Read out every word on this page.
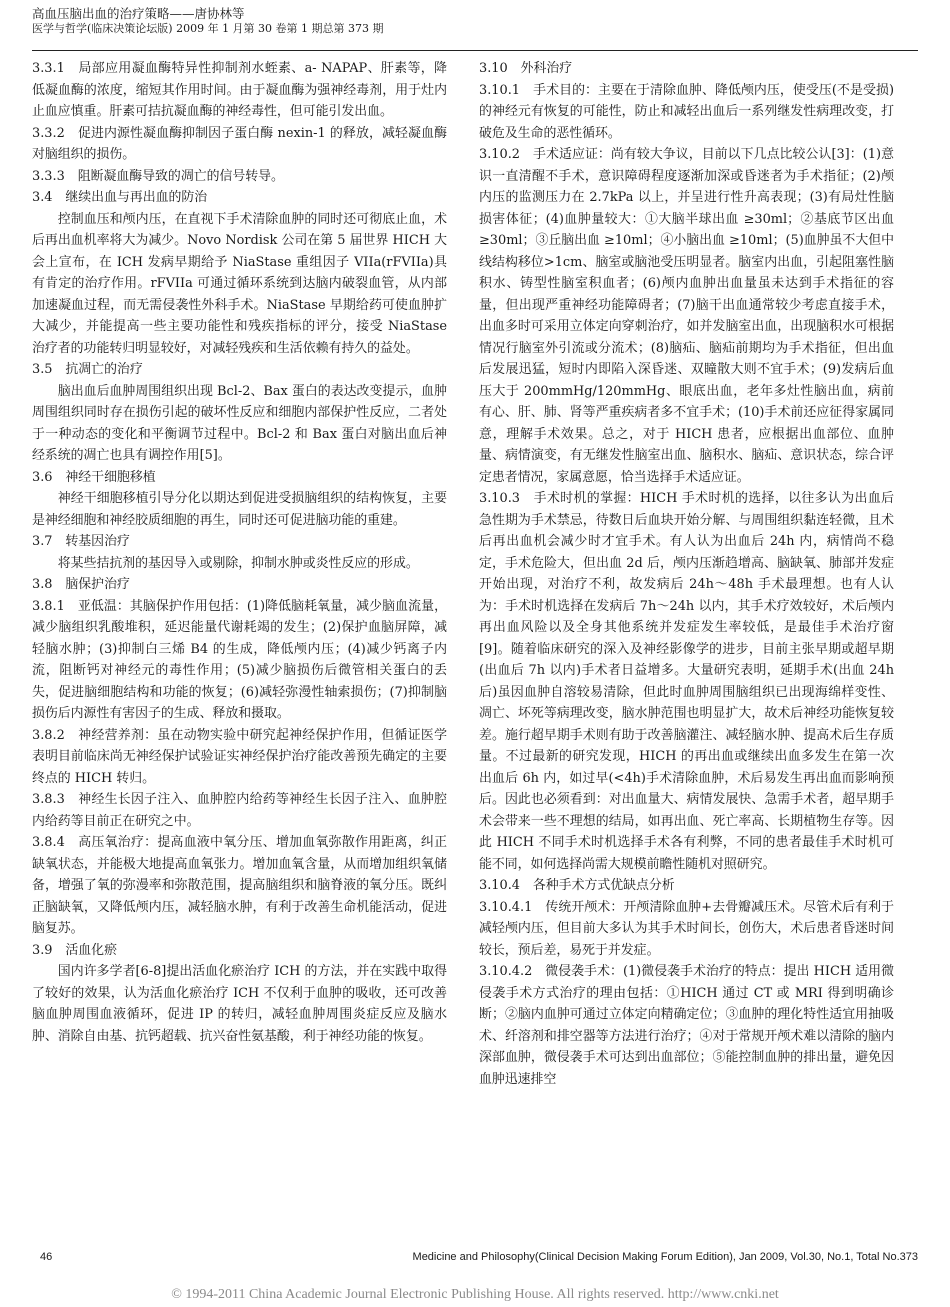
高血压脑出血的治疗策略——唐协林等
医学与哲学(临床决策论坛版) 2009 年 1 月第 30 卷第 1 期总第 373 期

3.3.1　局部应用凝血酶特异性抑制剂水蛭素、a- NAPAP、肝素等，降低凝血酶的浓度，缩短其作用时间。由于凝血酶为强神经毒剂，用于灶内止血应慎重。肝素可拮抗凝血酶的神经毒性，但可能引发出血。

3.3.2　促进内源性凝血酶抑制因子蛋白酶 nexin-1 的释放，减轻凝血酶对脑组织的损伤。

3.3.3　阻断凝血酶导致的凋亡的信号转导。

3.4　继续出血与再出血的防治

控制血压和颅内压，在直视下手术清除血肿的同时还可彻底止血，术后再出血机率将大为减少。Novo Nordisk 公司在第 5 届世界 HICH 大会上宣布，在 ICH 发病早期给予 NiaStase 重组因子 VIIa(rFVIIa)具有肯定的治疗作用。rFVIIa 可通过循环系统到达脑内破裂血管，从内部加速凝血过程，而无需侵袭性外科手术。NiaStase 早期给药可使血肿扩大减少，并能提高一些主要功能性和残疾指标的评分，接受 NiaStase 治疗者的功能转归明显较好，对减轻残疾和生活依赖有持久的益处。

3.5　抗凋亡的治疗

脑出血后血肿周围组织出现 Bcl-2、Bax 蛋白的表达改变提示，血肿周围组织同时存在损伤引起的破坏性反应和细胞内部保护性反应，二者处于一种动态的变化和平衡调节过程中。Bcl-2 和 Bax 蛋白对脑出血后神经系统的凋亡也具有调控作用[5]。

3.6　神经干细胞移植

神经干细胞移植引导分化以期达到促进受损脑组织的结构恢复，主要是神经细胞和神经胶质细胞的再生，同时还可促进脑功能的重建。

3.7　转基因治疗

将某些拮抗剂的基因导入或剔除，抑制水肿或炎性反应的形成。

3.8　脑保护治疗

3.8.1　亚低温：其脑保护作用包括：(1)降低脑耗氧量，减少脑血流量，减少脑组织乳酸堆积，延迟能量代谢耗竭的发生；(2)保护血脑屏障，减轻脑水肿；(3)抑制白三烯 B4 的生成，降低颅内压；(4)减少钙离子内流，阻断钙对神经元的毒性作用；(5)减少脑损伤后微管相关蛋白的丢失，促进脑细胞结构和功能的恢复；(6)减轻弥漫性轴索损伤；(7)抑制脑损伤后内源性有害因子的生成、释放和摄取。

3.8.2　神经营养剂：虽在动物实验中研究起神经保护作用，但循证医学表明目前临床尚无神经保护试验证实神经保护治疗能改善预先确定的主要终点的 HICH 转归。

3.8.3　神经生长因子注入、血肿腔内给药等神经生长因子注入、血肿腔内给药等目前正在研究之中。

3.8.4　高压氧治疗：提高血液中氧分压、增加血氧弥散作用距离，纠正缺氧状态，并能极大地提高血氧张力。增加血氧含量，从而增加组织氧储备，增强了氧的弥漫率和弥散范围，提高脑组织和脑脊液的氧分压。既纠正脑缺氧，又降低颅内压，减轻脑水肿，有利于改善生命机能活动，促进脑复苏。

3.9　活血化瘀

国内许多学者[6-8]提出活血化瘀治疗 ICH 的方法，并在实践中取得了较好的效果，认为活血化瘀治疗 ICH 不仅利于血肿的吸收，还可改善脑血肿周围血液循环，促进 IP 的转归，减轻血肿周围炎症反应及脑水肿、消除自由基、抗钙超载、抗兴奋性氨基酸，利于神经功能的恢复。

3.10　外科治疗

3.10.1　手术目的：主要在于清除血肿、降低颅内压，使受压(不是受损)的神经元有恢复的可能性，防止和减轻出血后一系列继发性病理改变，打破危及生命的恶性循环。

3.10.2　手术适应证：尚有较大争议，目前以下几点比较公认[3]：(1)意识一直清醒不手术，意识障碍程度逐渐加深或昏迷者为手术指征；(2)颅内压的监测压力在 2.7kPa 以上，并呈进行性升高表现；(3)有局灶性脑损害体征；(4)血肿量较大：①大脑半球出血 ≥30ml；②基底节区出血 ≥30ml；③丘脑出血 ≥10ml；④小脑出血 ≥10ml；(5)血肿虽不大但中线结构移位>1cm、脑室或脑池受压明显者。脑室内出血，引起阻塞性脑积水、铸型性脑室积血者；(6)颅内血肿出血量虽未达到手术指征的容量，但出现严重神经功能障碍者；(7)脑干出血通常较少考虑直接手术，出血多时可采用立体定向穿刺治疗，如并发脑室出血，出现脑积水可根据情况行脑室外引流或分流术；(8)脑疝、脑疝前期均为手术指征，但出血后发展迅猛，短时内即陷入深昏迷、双瞳散大则不宜手术；(9)发病后血压大于 200mmHg/120mmHg、眼底出血，老年多灶性脑出血，病前有心、肝、肺、肾等严重疾病者多不宜手术；(10)手术前还应征得家属同意，理解手术效果。总之，对于 HICH 患者，应根据出血部位、血肿量、病情演变，有无继发性脑室出血、脑积水、脑疝、意识状态，综合评定患者情况，家属意愿，恰当选择手术适应证。

3.10.3　手术时机的掌握：HICH 手术时机的选择，以往多认为出血后急性期为手术禁忌，待数日后血块开始分解、与周围组织黏连轻微，且术后再出血机会减少时才宜手术。有人认为出血后 24h 内，病情尚不稳定，手术危险大，但出血 2d 后，颅内压渐趋增高、脑缺氧、肺部并发症开始出现，对治疗不利，故发病后 24h～48h 手术最理想。也有人认为：手术时机选择在发病后 7h～24h 以内，其手术疗效较好，术后颅内再出血风险以及全身其他系统并发症发生率较低，是最佳手术治疗窗[9]。随着临床研究的深入及神经影像学的进步，目前主张早期或超早期(出血后 7h 以内)手术者日益增多。大量研究表明，延期手术(出血 24h 后)虽因血肿自溶较易清除，但此时血肿周围脑组织已出现海绵样变性、凋亡、坏死等病理改变，脑水肿范围也明显扩大，故术后神经功能恢复较差。施行超早期手术则有助于改善脑灌注、减轻脑水肿、提高术后生存质量。不过最新的研究发现，HICH 的再出血或继续出血多发生在第一次出血后 6h 内，如过早(<4h)手术清除血肿，术后易发生再出血而影响预后。因此也必须看到：对出血量大、病情发展快、急需手术者，超早期手术会带来一些不理想的结局，如再出血、死亡率高、长期植物生存等。因此 HICH 不同手术时机选择手术各有利弊，不同的患者最佳手术时机可能不同，如何选择尚需大规模前瞻性随机对照研究。

3.10.4　各种手术方式优缺点分析

3.10.4.1　传统开颅术：开颅清除血肿+去骨瓣减压术。尽管术后有利于减轻颅内压，但目前大多认为其手术时间长，创伤大，术后患者昏迷时间较长，预后差，易死于并发症。

3.10.4.2　微侵袭手术：(1)微侵袭手术治疗的特点：提出 HICH 适用微侵袭手术方式治疗的理由包括：①HICH 通过 CT 或 MRI 得到明确诊断；②脑内血肿可通过立体定向精确定位；③血肿的理化特性适宜用抽吸术、纤溶剂和排空器等方法进行治疗；④对于常规开颅术难以清除的脑内深部血肿，微侵袭手术可达到出血部位；⑤能控制血肿的排出量，避免因血肿迅速排空

46	Medicine and Philosophy(Clinical Decision Making Forum Edition), Jan 2009, Vol.30, No.1, Total No.373
© 1994-2011 China Academic Journal Electronic Publishing House. All rights reserved. http://www.cnki.net
